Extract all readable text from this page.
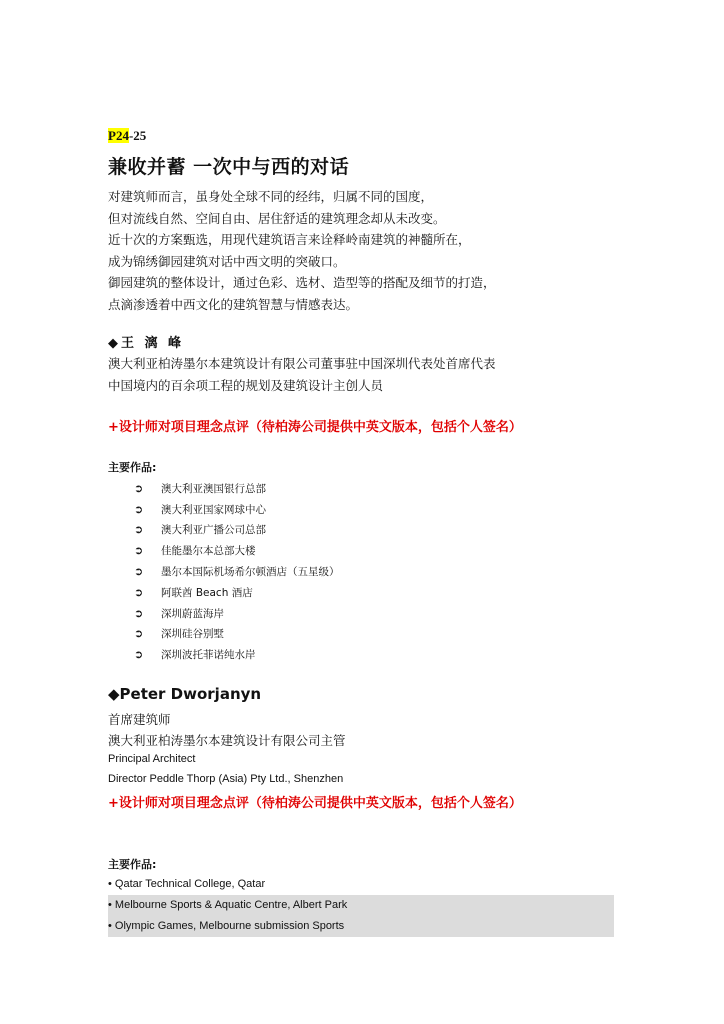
P24-25
兼收并蓄 一次中与西的对话
对建筑师而言，虽身处全球不同的经纬，归属不同的国度，
但对流线自然、空间自由、居住舒适的建筑理念却从未改变。
近十次的方案甄选，用现代建筑语言来诠释岭南建筑的神髓所在，
成为锦绣御园建筑对话中西文明的突破口。
御园建筑的整体设计，通过色彩、选材、造型等的搭配及细节的打造，
点滴渗透着中西文化的建筑智慧与情感表达。
◆王 漓 峰
澳大利亚柏涛墨尔本建筑设计有限公司董事驻中国深圳代表处首席代表
中国境内的百余项工程的规划及建筑设计主创人员
+设计师对项目理念点评（待柏涛公司提供中英文版本，包括个人签名）
主要作品:
➲	澳大利亚澳国银行总部
➲	澳大利亚国家网球中心
➲	澳大利亚广播公司总部
➲	佳能墨尔本总部大楼
➲	墨尔本国际机场希尔顿酒店（五星级）
➲	阿联酋 Beach 酒店
➲	深圳蔚蓝海岸
➲	深圳硅谷别墅
➲	深圳波托菲诺纯水岸
◆Peter Dworjanyn
首席建筑师
澳大利亚柏涛墨尔本建筑设计有限公司主管
Principal Architect
Director Peddle Thorp (Asia) Pty Ltd., Shenzhen
+设计师对项目理念点评（待柏涛公司提供中英文版本，包括个人签名）
主要作品:
• Qatar Technical College, Qatar
• Melbourne Sports & Aquatic Centre, Albert Park
• Olympic Games, Melbourne submission Sports
